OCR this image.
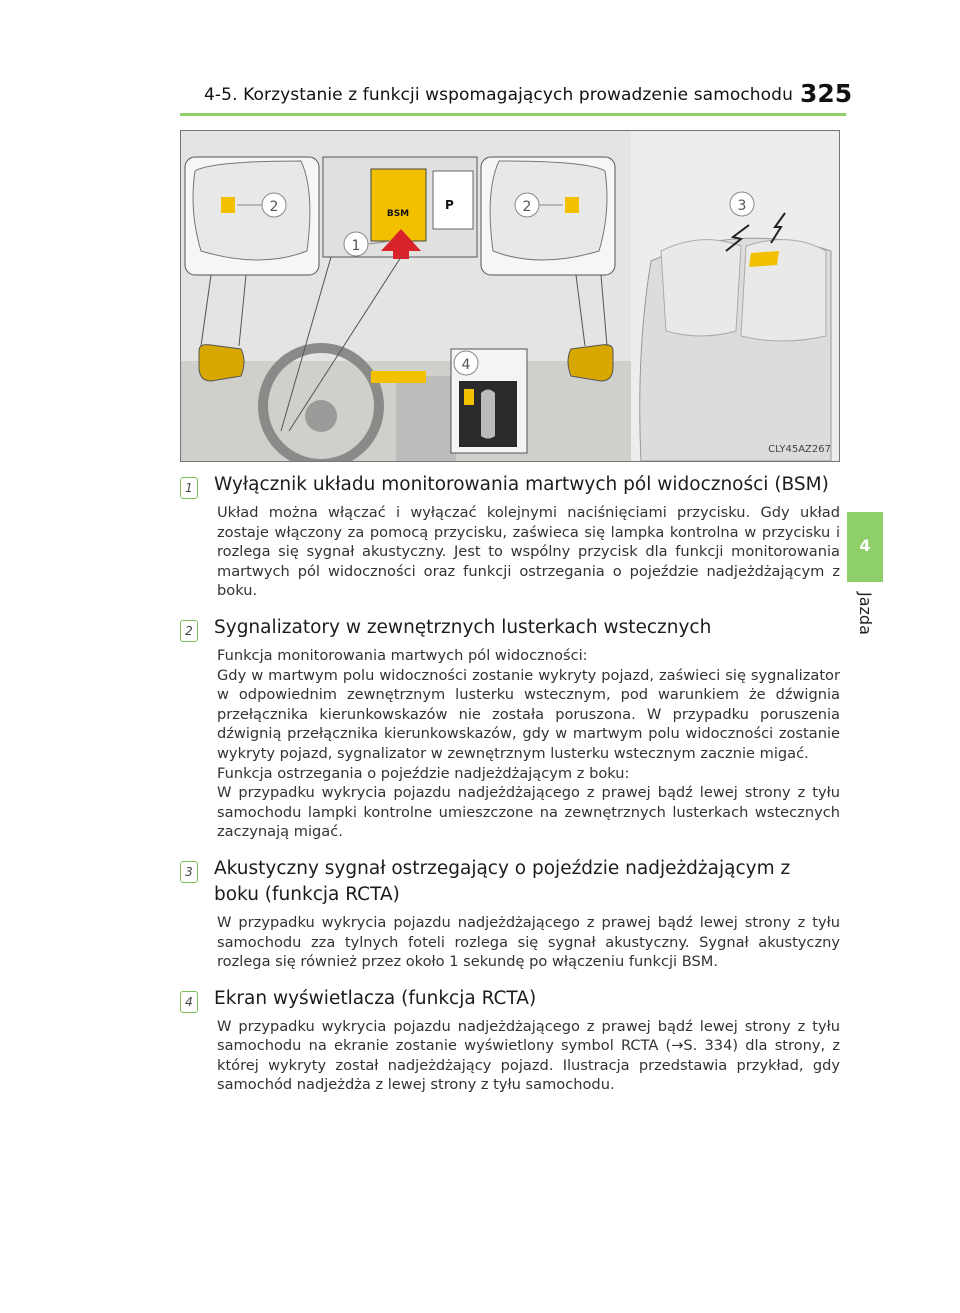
4-5. Korzystanie z funkcji wspomagających prowadzenie samochodu 325
4
Jazda
2	BSM
P
1
2
4
3
CLY45AZ267
1 Wyłącznik układu monitorowania martwych pól widoczności (BSM)
Układ można włączać i wyłączać kolejnymi naciśnięciami przycisku. Gdy układ zostaje włączony za pomocą przycisku, zaświeca się lampka kontrolna w przycisku i rozlega się sygnał akustyczny. Jest to wspólny przycisk dla funkcji monitorowania martwych pól widoczności oraz funkcji ostrzegania o pojeździe nadjeżdżającym z boku.
2 Sygnalizatory w zewnętrznych lusterkach wstecznych
Funkcja monitorowania martwych pól widoczności:
Gdy w martwym polu widoczności zostanie wykryty pojazd, zaświeci się sygnalizator w odpowiednim zewnętrznym lusterku wstecznym, pod warunkiem że dźwignia przełącznika kierunkowskazów nie została poruszona. W przypadku poruszenia dźwignią przełącznika kierunkowskazów, gdy w martwym polu widoczności zostanie wykryty pojazd, sygnalizator w zewnętrznym lusterku wstecznym zacznie migać.
Funkcja ostrzegania o pojeździe nadjeżdżającym z boku:
W przypadku wykrycia pojazdu nadjeżdżającego z prawej bądź lewej strony z tyłu samochodu lampki kontrolne umieszczone na zewnętrznych lusterkach wstecznych zaczynają migać.
3 Akustyczny sygnał ostrzegający o pojeździe nadjeżdżającym z boku (funkcja RCTA)
W przypadku wykrycia pojazdu nadjeżdżającego z prawej bądź lewej strony z tyłu samochodu zza tylnych foteli rozlega się sygnał akustyczny. Sygnał akustyczny rozlega się również przez około 1 sekundę po włączeniu funkcji BSM.
4 Ekran wyświetlacza (funkcja RCTA)
W przypadku wykrycia pojazdu nadjeżdżającego z prawej bądź lewej strony z tyłu samochodu na ekranie zostanie wyświetlony symbol RCTA (→S. 334) dla strony, z której wykryty został nadjeżdżający pojazd. Ilustracja przedstawia przykład, gdy samochód nadjeżdża z lewej strony z tyłu samochodu.
